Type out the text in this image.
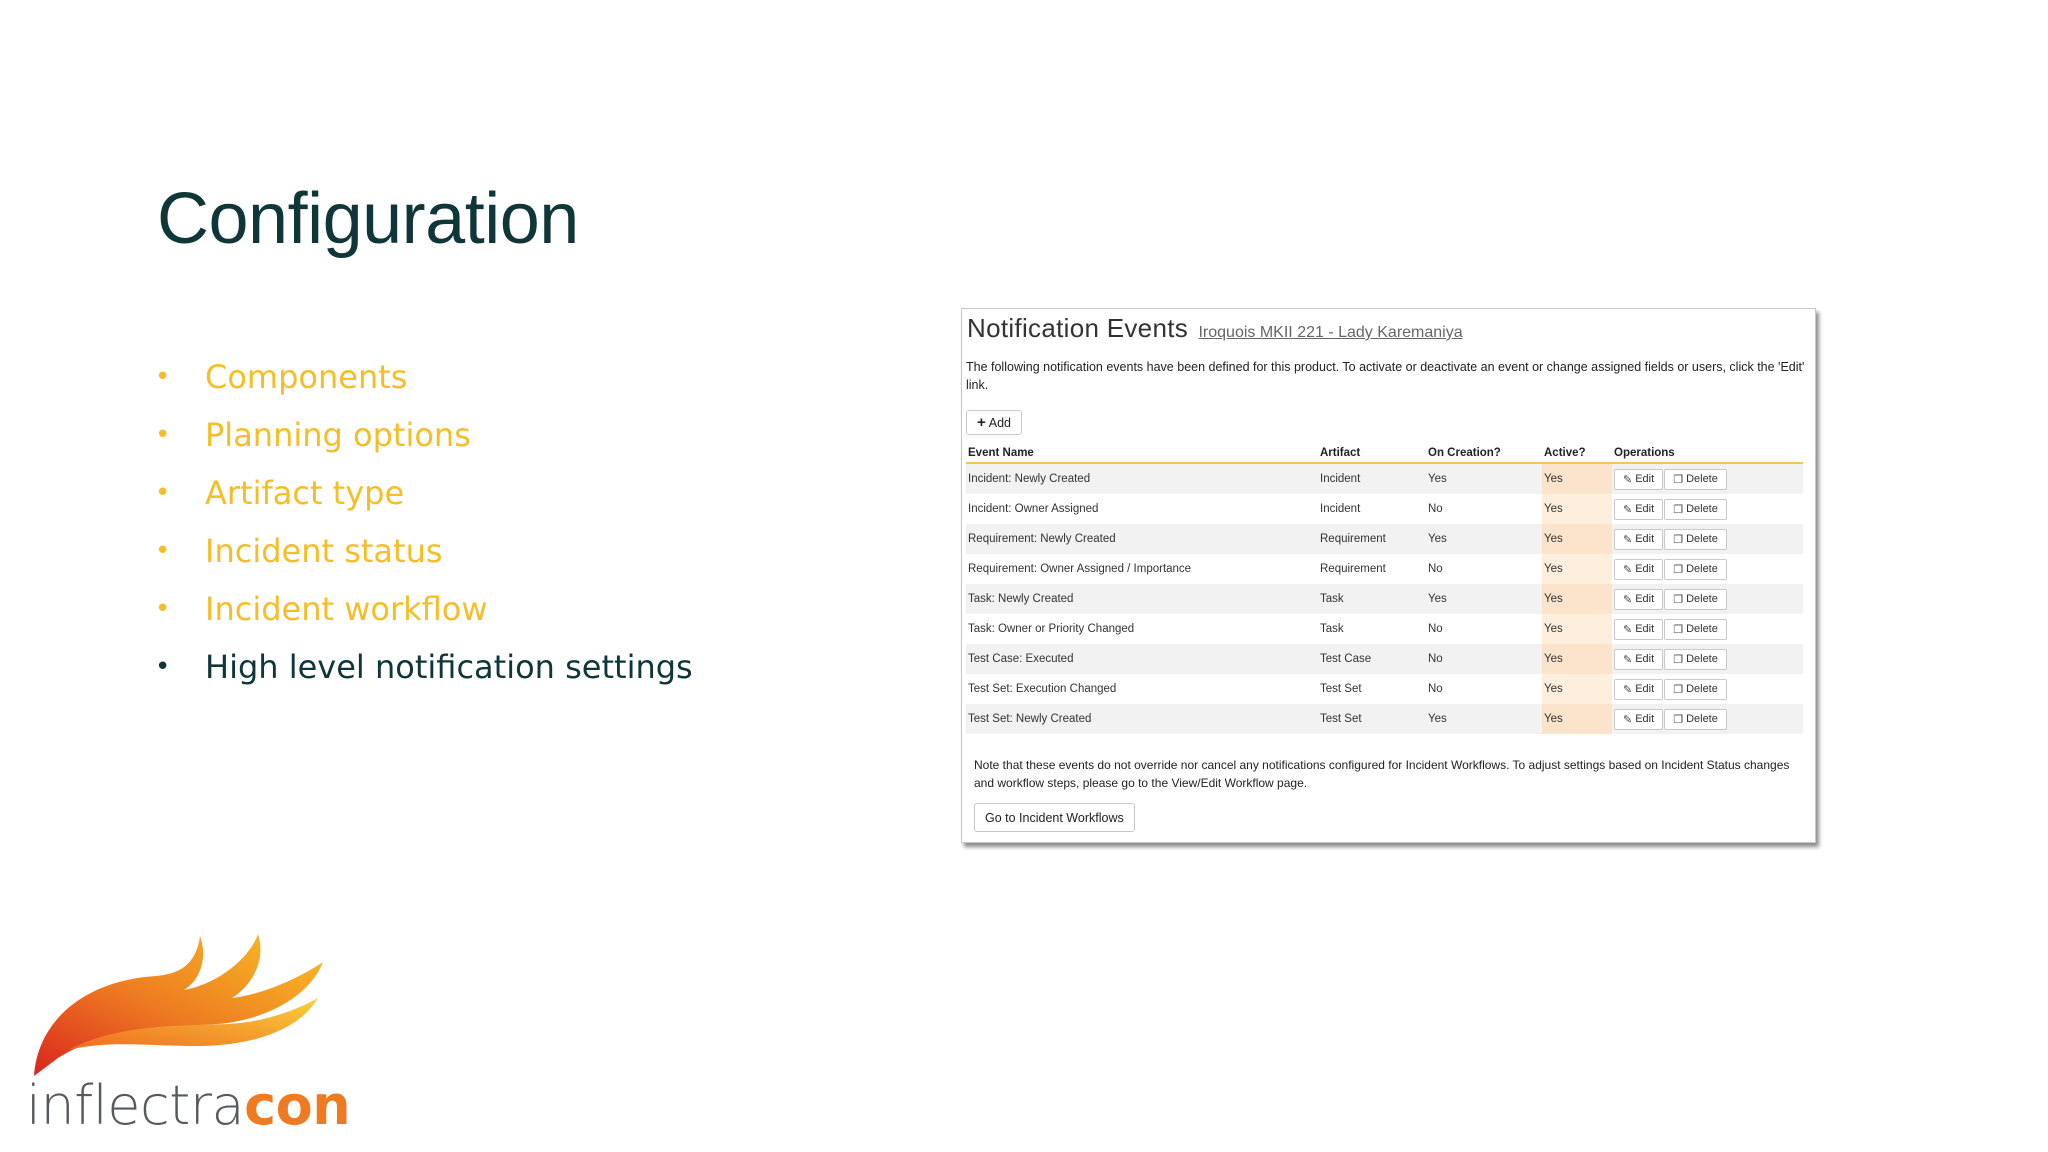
Configuration
•	Components
•	Planning options
•	Artifact type
•	Incident status
•	Incident workflow
•	High level notification settings
Notification Events Iroquois MKII 221 - Lady Karemaniya

The following notification events have been defined for this product. To activate or deactivate an event or change assigned fields or users, click the 'Edit' link.

+ Add
Event Name	Artifact	On Creation?	Active?	Operations
Incident: Newly Created	Incident	Yes	Yes	✎ Edit ❐ Delete

Incident: Owner Assigned	Incident	No	Yes	✎ Edit ❐ Delete

Requirement: Newly Created	Requirement	Yes	Yes	✎ Edit ❐ Delete

Requirement: Owner Assigned / Importance	Requirement	No	Yes	✎ Edit ❐ Delete

Task: Newly Created	Task	Yes	Yes	✎ Edit ❐ Delete

Task: Owner or Priority Changed	Task	No	Yes	✎ Edit ❐ Delete

Test Case: Executed	Test Case	No	Yes	✎ Edit ❐ Delete

Test Set: Execution Changed	Test Set	No	Yes	✎ Edit ❐ Delete

Test Set: Newly Created	Test Set	Yes	Yes	✎ Edit ❐ Delete

Note that these events do not override nor cancel any notifications configured for Incident Workflows. To adjust settings based on Incident Status changes and workflow steps, please go to the View/Edit Workflow page.

Go to Incident Workflows
inflectracon
